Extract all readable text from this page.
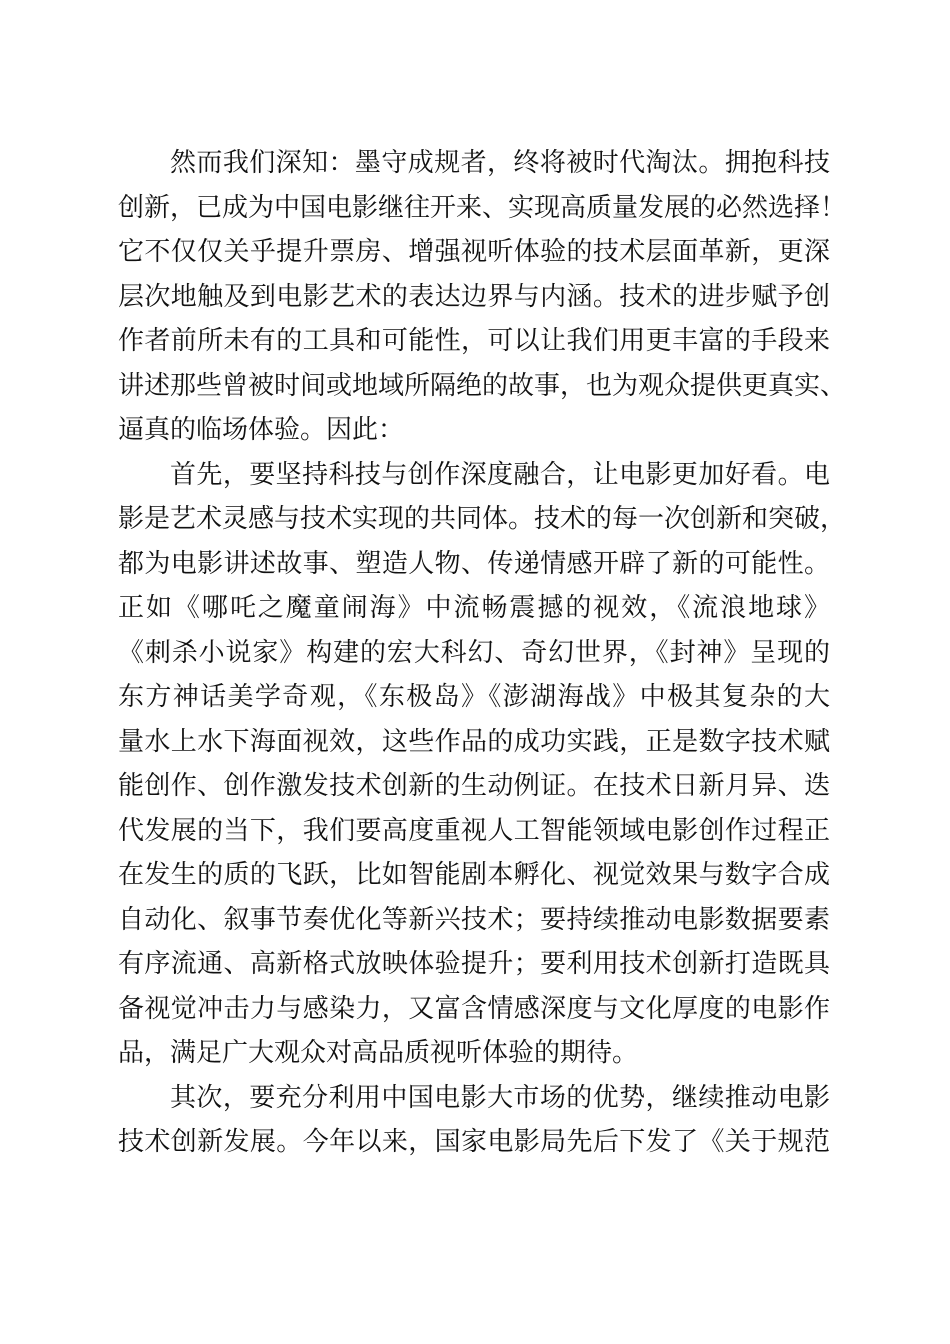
然而我们深知：墨守成规者，终将被时代淘汰。拥抱科技
创新，已成为中国电影继往开来、实现高质量发展的必然选择！
它不仅仅关乎提升票房、增强视听体验的技术层面革新，更深
层次地触及到电影艺术的表达边界与内涵。技术的进步赋予创
作者前所未有的工具和可能性，可以让我们用更丰富的手段来
讲述那些曾被时间或地域所隔绝的故事，也为观众提供更真实、
逼真的临场体验。因此：
首先，要坚持科技与创作深度融合，让电影更加好看。电
影是艺术灵感与技术实现的共同体。技术的每一次创新和突破，
都为电影讲述故事、塑造人物、传递情感开辟了新的可能性。
正如《哪吒之魔童闹海》中流畅震撼的视效，《流浪地球》
《刺杀小说家》构建的宏大科幻、奇幻世界，《封神》呈现的
东方神话美学奇观，《东极岛》《澎湖海战》中极其复杂的大
量水上水下海面视效，这些作品的成功实践，正是数字技术赋
能创作、创作激发技术创新的生动例证。在技术日新月异、迭
代发展的当下，我们要高度重视人工智能领域电影创作过程正
在发生的质的飞跃，比如智能剧本孵化、视觉效果与数字合成
自动化、叙事节奏优化等新兴技术；要持续推动电影数据要素
有序流通、高新格式放映体验提升；要利用技术创新打造既具
备视觉冲击力与感染力，又富含情感深度与文化厚度的电影作
品，满足广大观众对高品质视听体验的期待。
其次，要充分利用中国电影大市场的优势，继续推动电影
技术创新发展。今年以来，国家电影局先后下发了《关于规范
